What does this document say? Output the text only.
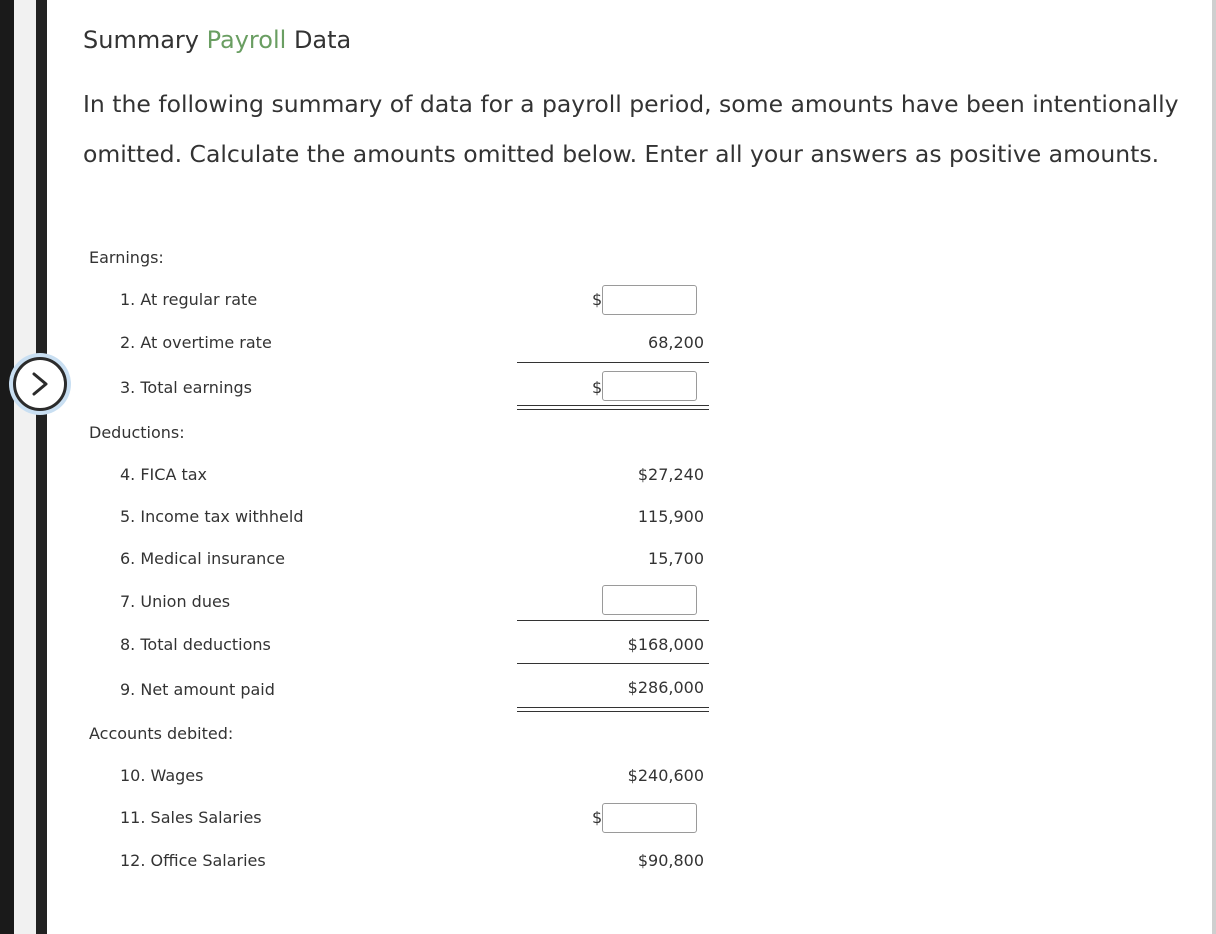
Summary Payroll Data

In the following summary of data for a payroll period, some amounts have been intentionally omitted. Calculate the amounts omitted below. Enter all your answers as positive amounts.

Earnings:
1. At regular rate	$
2. At overtime rate	68,200
3. Total earnings	$
Deductions:
4. FICA tax	$27,240
5. Income tax withheld	115,900
6. Medical insurance	15,700
7. Union dues
8. Total deductions	$168,000
9. Net amount paid	$286,000
Accounts debited:
10. Wages	$240,600
11. Sales Salaries	$
12. Office Salaries	$90,800
